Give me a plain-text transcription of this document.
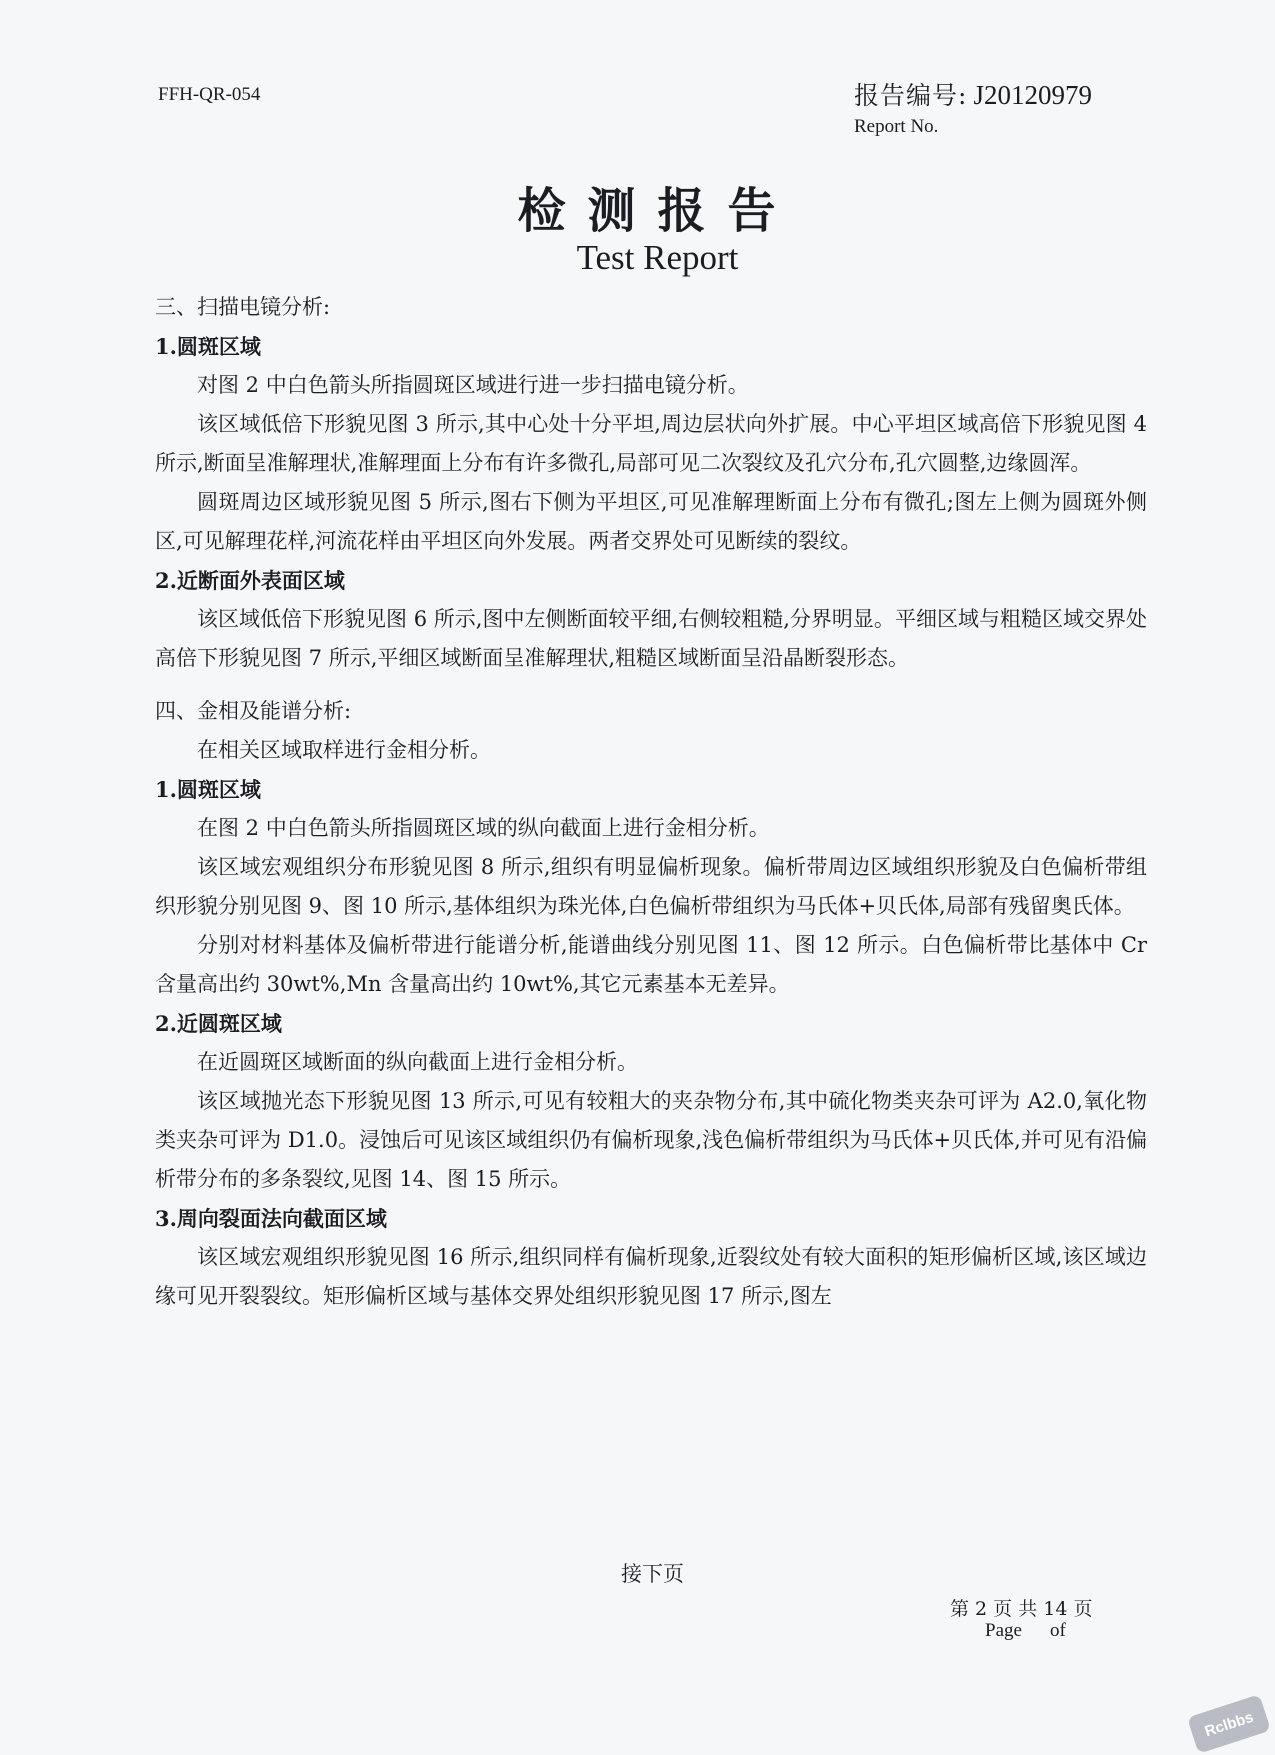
FFH-QR-054	报告编号: J20120979
Report No.
检测报告
Test Report
三、扫描电镜分析:
1.圆斑区域

对图 2 中白色箭头所指圆斑区域进行进一步扫描电镜分析。

该区域低倍下形貌见图 3 所示,其中心处十分平坦,周边层状向外扩展。中心平坦区域高倍下形貌见图 4 所示,断面呈准解理状,准解理面上分布有许多微孔,局部可见二次裂纹及孔穴分布,孔穴圆整,边缘圆浑。

圆斑周边区域形貌见图 5 所示,图右下侧为平坦区,可见准解理断面上分布有微孔;图左上侧为圆斑外侧区,可见解理花样,河流花样由平坦区向外发展。两者交界处可见断续的裂纹。

2.近断面外表面区域

该区域低倍下形貌见图 6 所示,图中左侧断面较平细,右侧较粗糙,分界明显。平细区域与粗糙区域交界处高倍下形貌见图 7 所示,平细区域断面呈准解理状,粗糙区域断面呈沿晶断裂形态。

四、金相及能谱分析:

在相关区域取样进行金相分析。

1.圆斑区域

在图 2 中白色箭头所指圆斑区域的纵向截面上进行金相分析。

该区域宏观组织分布形貌见图 8 所示,组织有明显偏析现象。偏析带周边区域组织形貌及白色偏析带组织形貌分别见图 9、图 10 所示,基体组织为珠光体,白色偏析带组织为马氏体+贝氏体,局部有残留奥氏体。

分别对材料基体及偏析带进行能谱分析,能谱曲线分别见图 11、图 12 所示。白色偏析带比基体中 Cr 含量高出约 30wt%,Mn 含量高出约 10wt%,其它元素基本无差异。

2.近圆斑区域

在近圆斑区域断面的纵向截面上进行金相分析。

该区域抛光态下形貌见图 13 所示,可见有较粗大的夹杂物分布,其中硫化物类夹杂可评为 A2.0,氧化物类夹杂可评为 D1.0。浸蚀后可见该区域组织仍有偏析现象,浅色偏析带组织为马氏体+贝氏体,并可见有沿偏析带分布的多条裂纹,见图 14、图 15 所示。

3.周向裂面法向截面区域

该区域宏观组织形貌见图 16 所示,组织同样有偏析现象,近裂纹处有较大面积的矩形偏析区域,该区域边缘可见开裂裂纹。矩形偏析区域与基体交界处组织形貌见图 17 所示,图左

接下页
第 2 页 共 14 页
Page of
Rclbbs
